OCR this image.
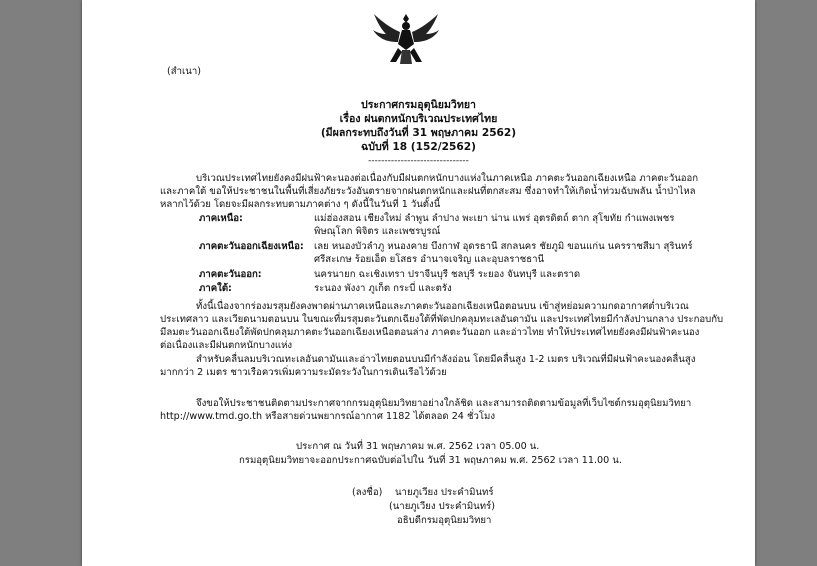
(สำเนา)
ประกาศกรมอุตุนิยมวิทยา
เรื่อง ฝนตกหนักบริเวณประเทศไทย
(มีผลกระทบถึงวันที่ 31 พฤษภาคม 2562)
ฉบับที่ 18 (152/2562)
-------------------------------
บริเวณประเทศไทยยังคงมีฝนฟ้าคะนองต่อเนื่องกับมีฝนตกหนักบางแห่งในภาคเหนือ ภาคตะวันออกเฉียงเหนือ ภาคตะวันออก
และภาคใต้ ขอให้ประชาชนในพื้นที่เสี่ยงภัยระวังอันตรายจากฝนตกหนักและฝนที่ตกสะสม ซึ่งอาจทำให้เกิดน้ำท่วมฉับพลัน น้ำป่าไหล
หลากไว้ด้วย โดยจะมีผลกระทบตามภาคต่าง ๆ ดังนี้ในวันที่ 1 วันตั้งนี้
ภาคเหนือ:	แม่ฮ่องสอน เชียงใหม่ ลำพูน ลำปาง พะเยา น่าน แพร่ อุตรดิตถ์ ตาก สุโขทัย กำแพงเพชร
พิษณุโลก พิจิตร และเพชรบูรณ์
ภาคตะวันออกเฉียงเหนือ: เลย หนองบัวลำภู หนองคาย บึงกาฬ อุดรธานี สกลนคร ชัยภูมิ ขอนแก่น นครราชสีมา สุรินทร์
ศรีสะเกษ ร้อยเอ็ด ยโสธร อำนาจเจริญ และอุบลราชธานี
ภาคตะวันออก:	นครนายก ฉะเชิงเทรา ปราจีนบุรี ชลบุรี ระยอง จันทบุรี และตราด
ภาคใต้:	ระนอง พังงา ภูเก็ต กระบี่ และตรัง
ทั้งนี้เนื่องจากร่องมรสุมยังคงพาดผ่านภาคเหนือและภาคตะวันออกเฉียงเหนือตอนบน เข้าสู่หย่อมความกดอากาศต่ำบริเวณ
ประเทศลาว และเวียดนามตอนบน ในขณะที่มรสุมตะวันตกเฉียงใต้ที่พัดปกคลุมทะเลอันดามัน และประเทศไทยมีกำลังปานกลาง ประกอบกับ
มีลมตะวันออกเฉียงใต้พัดปกคลุมภาคตะวันออกเฉียงเหนือตอนล่าง ภาคตะวันออก และอ่าวไทย ทำให้ประเทศไทยยังคงมีฝนฟ้าคะนอง
ต่อเนื่องและมีฝนตกหนักบางแห่ง
สำหรับคลื่นลมบริเวณทะเลอันดามันและอ่าวไทยตอนบนมีกำลังอ่อน โดยมีคลื่นสูง 1-2 เมตร บริเวณที่มีฝนฟ้าคะนองคลื่นสูง
มากกว่า 2 เมตร ชาวเรือควรเพิ่มความระมัดระวังในการเดินเรือไว้ด้วย
จึงขอให้ประชาชนติดตามประกาศจากกรมอุตุนิยมวิทยาอย่างใกล้ชิด และสามารถติดตามข้อมูลที่เว็บไซต์กรมอุตุนิยมวิทยา
http://www.tmd.go.th หรือสายด่วนพยากรณ์อากาศ 1182 ได้ตลอด 24 ชั่วโมง
ประกาศ ณ วันที่ 31 พฤษภาคม พ.ศ. 2562 เวลา 05.00 น.
กรมอุตุนิยมวิทยาจะออกประกาศฉบับต่อไปใน วันที่ 31 พฤษภาคม พ.ศ. 2562 เวลา 11.00 น.
(ลงชื่อ) นายภูเวียง ประคำมินทร์
(นายภูเวียง ประคำมินทร์)
อธิบดีกรมอุตุนิยมวิทยา
